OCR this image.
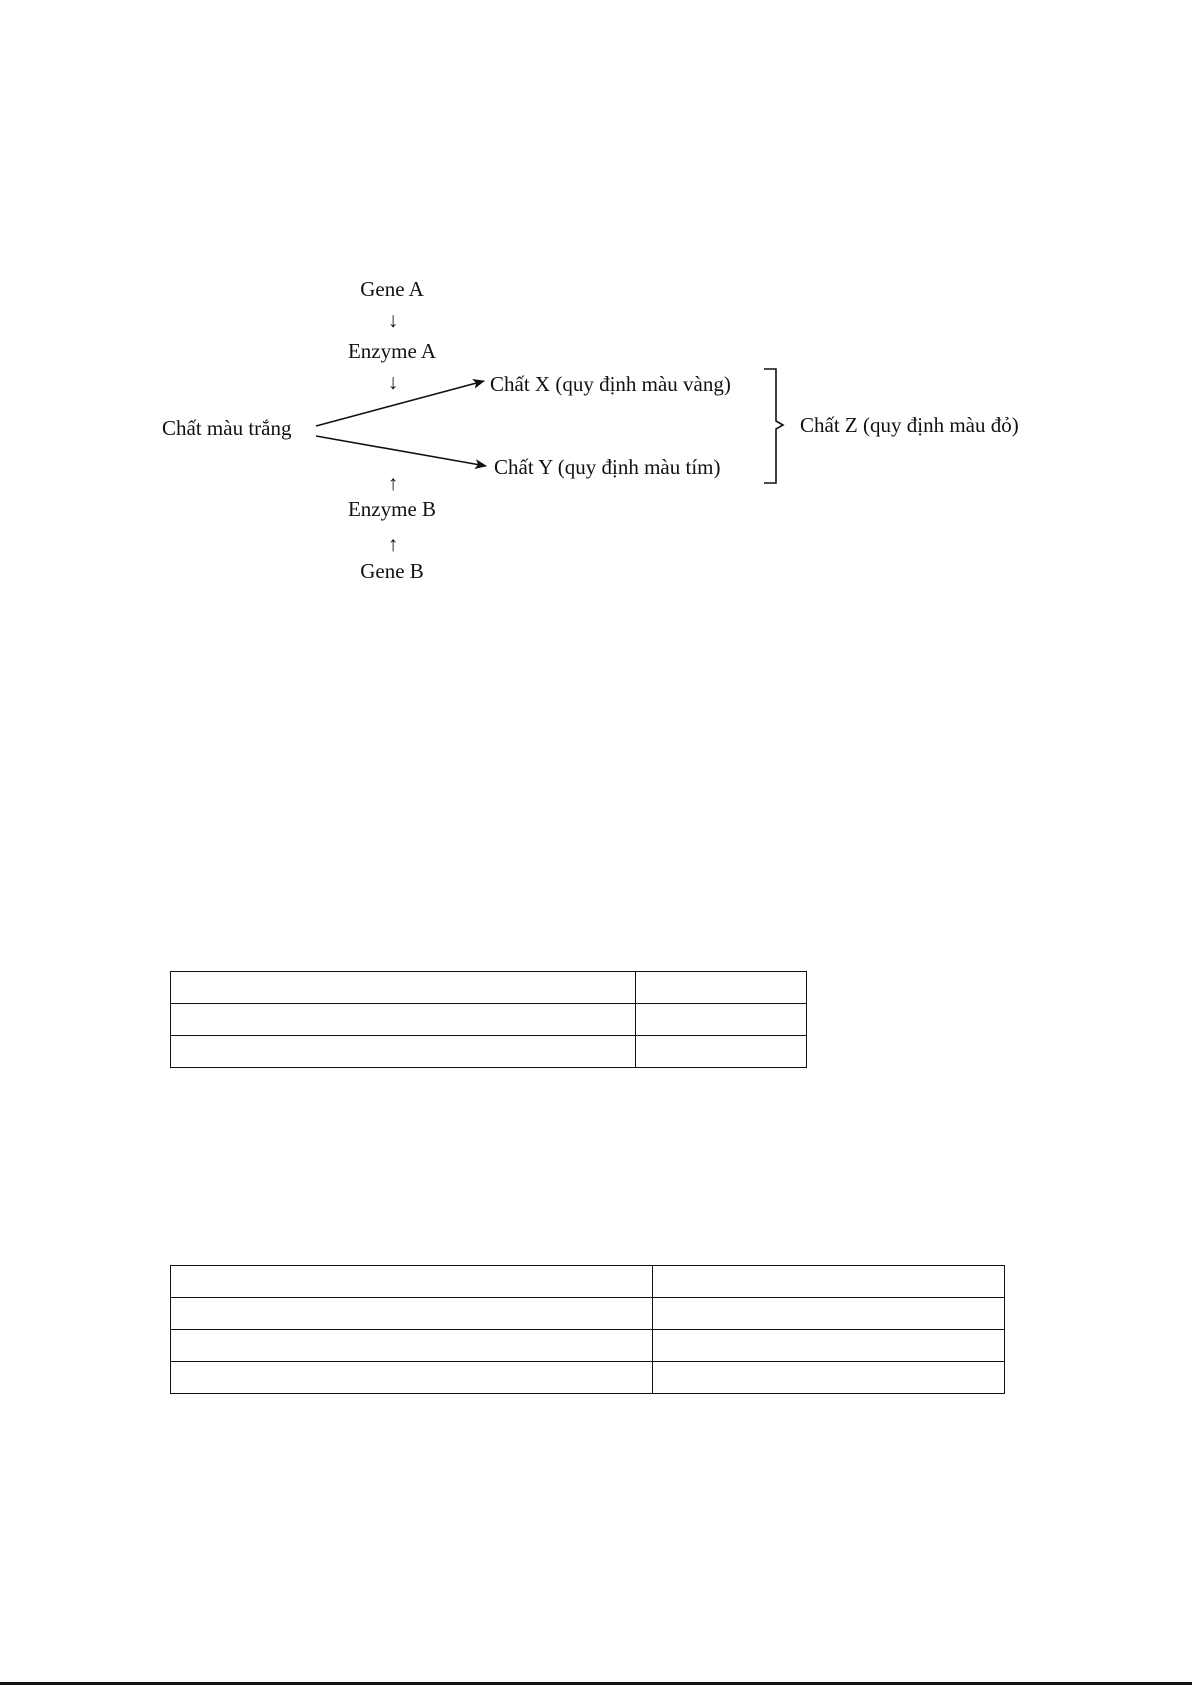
Gene A
↓
Enzyme A
↓
Chất màu trắng
Chất X (quy định màu vàng)
Chất Y (quy định màu tím)
Chất Z (quy định màu đỏ)
↑
Enzyme B
↑
Gene B
